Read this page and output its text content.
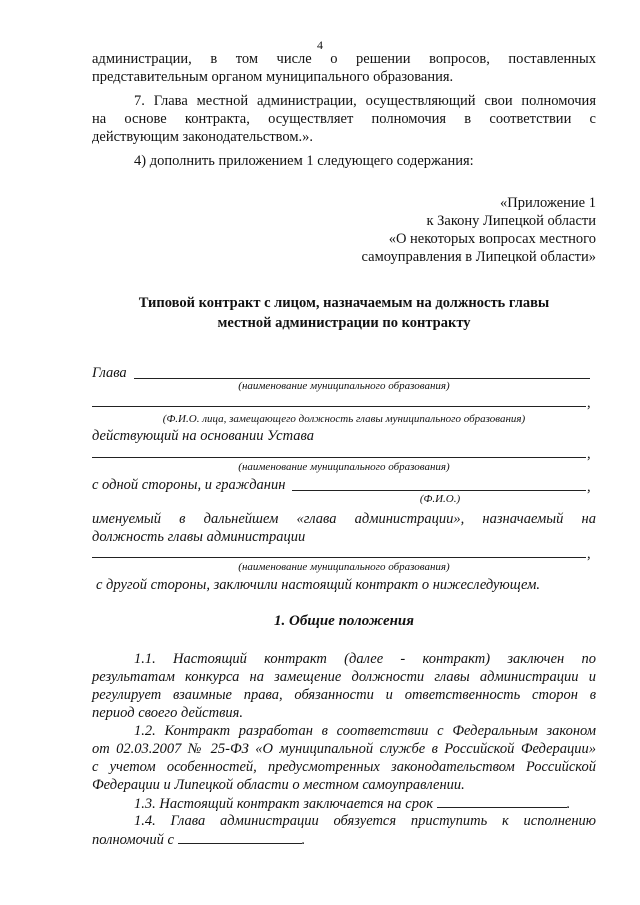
4
администрации, в том числе о решении вопросов, поставленных
представительным органом муниципального образования.
7. Глава местной администрации, осуществляющий свои полномочия
на основе контракта, осуществляет полномочия в соответствии с
действующим законодательством.».
4) дополнить приложением 1 следующего содержания:
«Приложение 1
к Закону Липецкой области
«О некоторых вопросах местного
самоуправления в Липецкой области»
Типовой контракт с лицом, назначаемым на должность главы
местной администрации по контракту
Глава
(наименование муниципального образования)
,
(Ф.И.О. лица, замещающего должность главы муниципального образования)
действующий на основании Устава
,
(наименование муниципального образования)
с одной стороны, и гражданин	,
(Ф.И.О.)
именуемый в дальнейшем «глава администрации», назначаемый на
должность главы администрации
,
(наименование муниципального образования)
с другой стороны, заключили настоящий контракт о нижеследующем.
1. Общие положения
1.1. Настоящий контракт (далее - контракт) заключен по
результатам конкурса на замещение должности главы администрации и
регулирует взаимные права, обязанности и ответственность сторон в
период своего действия.
1.2. Контракт разработан в соответствии с Федеральным законом
от 02.03.2007 № 25-ФЗ «О муниципальной службе в Российской Федерации»
с учетом особенностей, предусмотренных законодательством Российской
Федерации и Липецкой области о местном самоуправлении.
1.3. Настоящий контракт заключается на срок	.
1.4. Глава администрации обязуется приступить к исполнению
полномочий с	.
